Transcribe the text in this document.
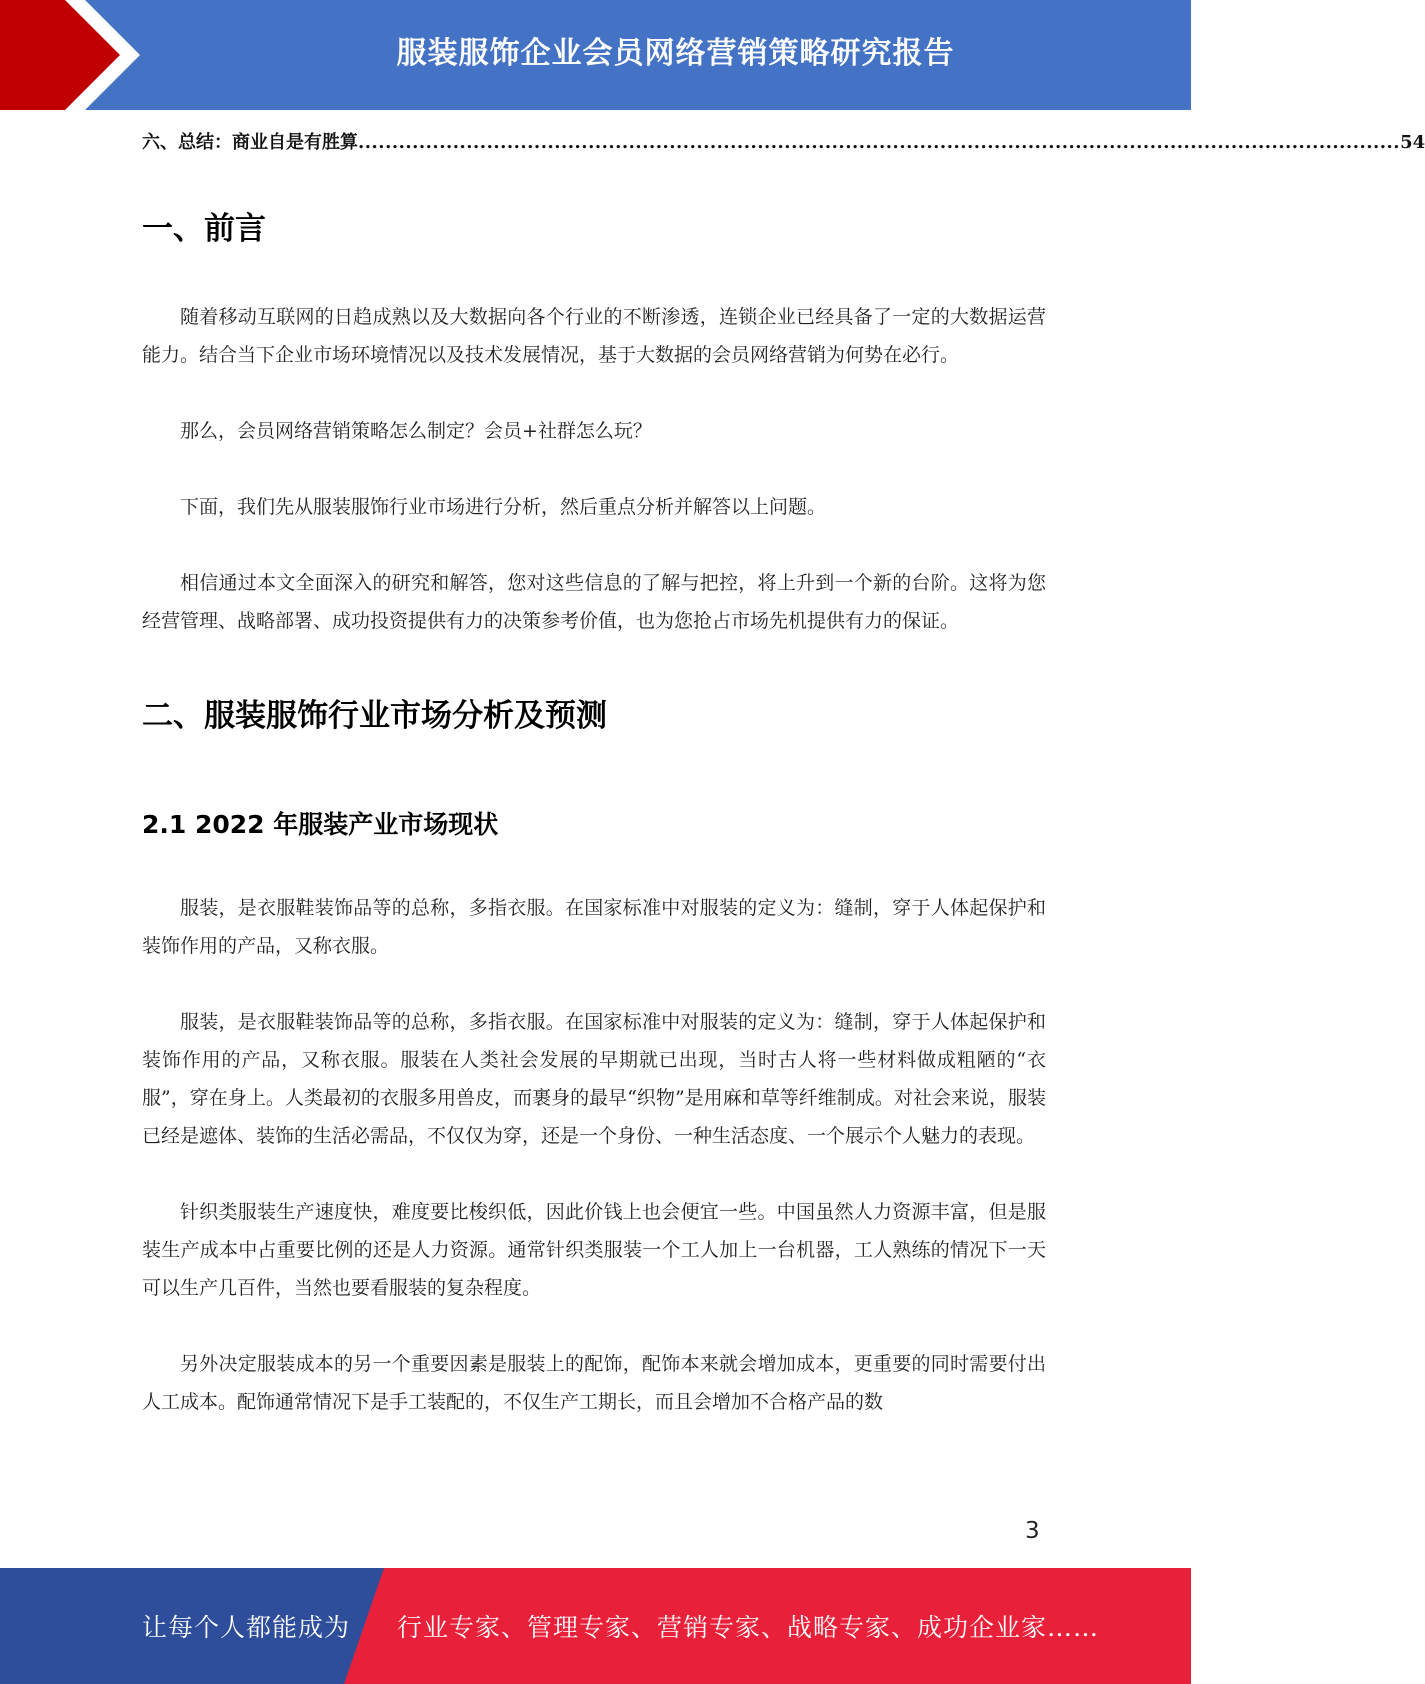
服装服饰企业会员网络营销策略研究报告
六、总结：商业自是有胜算 .......................................................................................................................................................... 54
一、前言

随着移动互联网的日趋成熟以及大数据向各个行业的不断渗透，连锁企业已经具备了一定的大数据运营能力。结合当下企业市场环境情况以及技术发展情况，基于大数据的会员网络营销为何势在必行。

那么，会员网络营销策略怎么制定？会员+社群怎么玩？

下面，我们先从服装服饰行业市场进行分析，然后重点分析并解答以上问题。

相信通过本文全面深入的研究和解答，您对这些信息的了解与把控，将上升到一个新的台阶。这将为您经营管理、战略部署、成功投资提供有力的决策参考价值，也为您抢占市场先机提供有力的保证。

二、服装服饰行业市场分析及预测
2.1 2022 年服装产业市场现状

服装，是衣服鞋装饰品等的总称，多指衣服。在国家标准中对服装的定义为：缝制，穿于人体起保护和装饰作用的产品，又称衣服。

服装，是衣服鞋装饰品等的总称，多指衣服。在国家标准中对服装的定义为：缝制，穿于人体起保护和装饰作用的产品，又称衣服。服装在人类社会发展的早期就已出现，当时古人将一些材料做成粗陋的“衣服”，穿在身上。人类最初的衣服多用兽皮，而裹身的最早“织物”是用麻和草等纤维制成。对社会来说，服装已经是遮体、装饰的生活必需品，不仅仅为穿，还是一个身份、一种生活态度、一个展示个人魅力的表现。

针织类服装生产速度快，难度要比梭织低，因此价钱上也会便宜一些。中国虽然人力资源丰富，但是服装生产成本中占重要比例的还是人力资源。通常针织类服装一个工人加上一台机器，工人熟练的情况下一天可以生产几百件，当然也要看服装的复杂程度。

另外决定服装成本的另一个重要因素是服装上的配饰，配饰本来就会增加成本，更重要的同时需要付出人工成本。配饰通常情况下是手工装配的，不仅生产工期长，而且会增加不合格产品的数

3
让每个人都能成为 行业专家、管理专家、营销专家、战略专家、成功企业家……
